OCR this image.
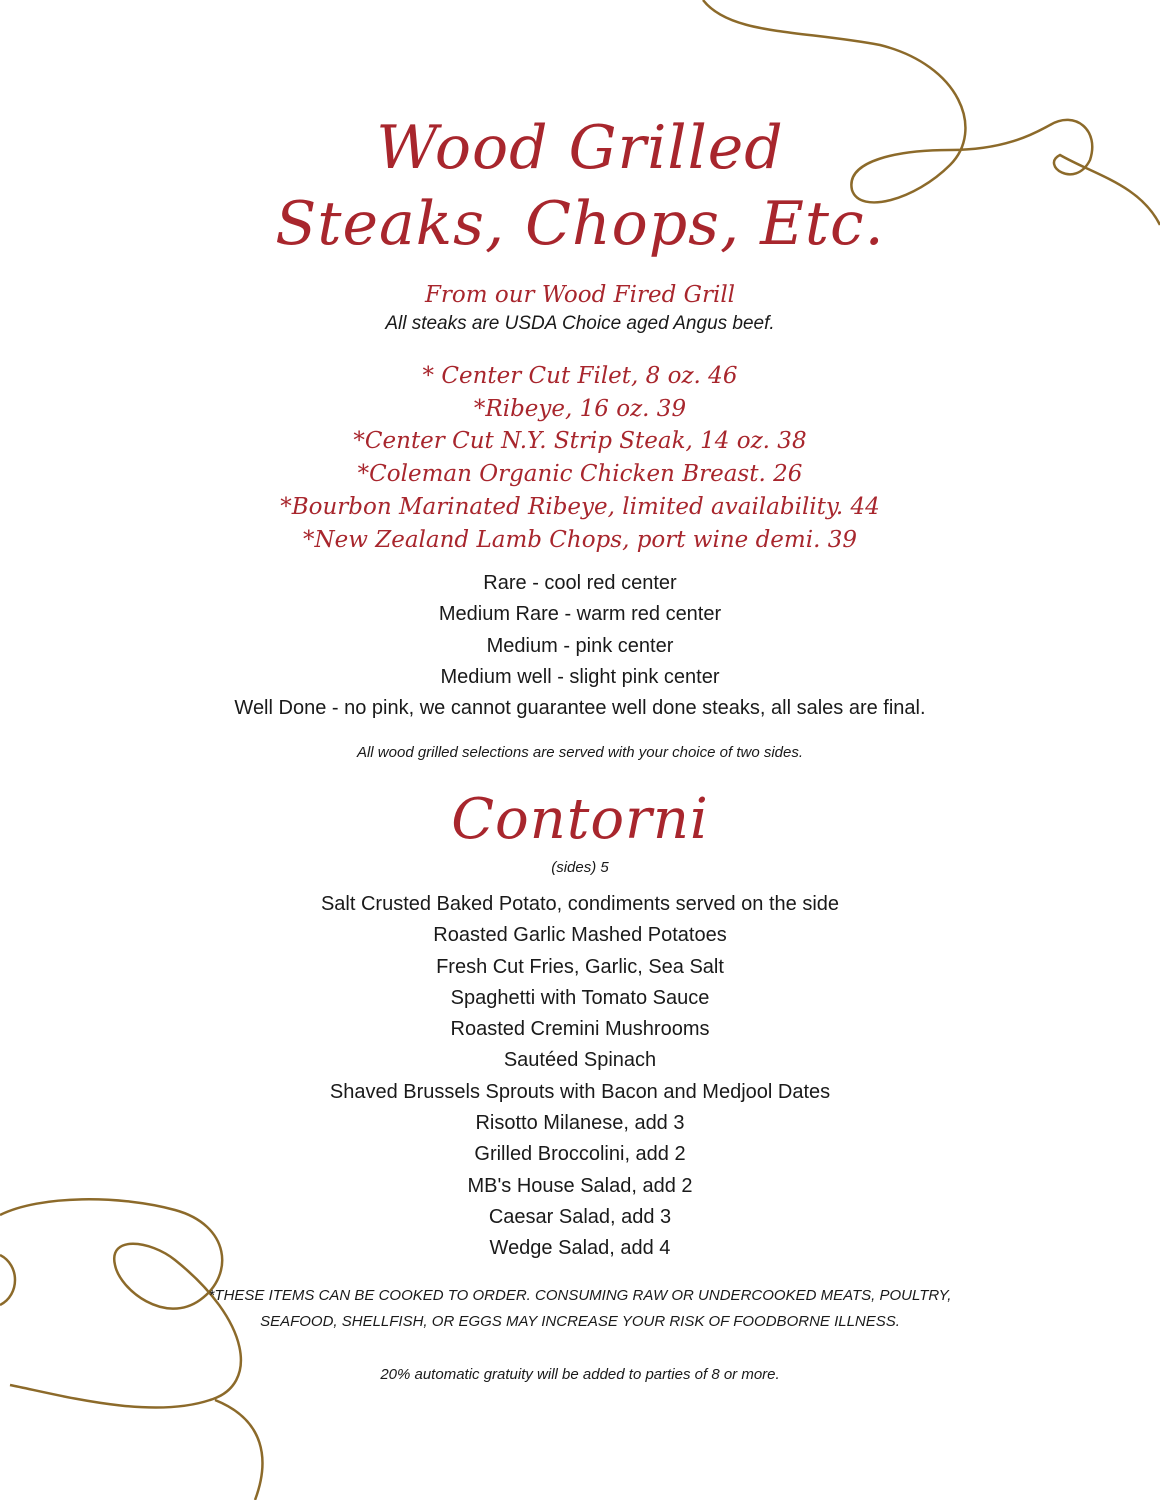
Wood Grilled
Steaks, Chops, Etc.
From our Wood Fired Grill
All steaks are USDA Choice aged Angus beef.
* Center Cut Filet, 8 oz. 46
*Ribeye, 16 oz. 39
*Center Cut N.Y. Strip Steak, 14 oz. 38
*Coleman Organic Chicken Breast. 26
*Bourbon Marinated Ribeye, limited availability. 44
*New Zealand Lamb Chops, port wine demi. 39
Rare - cool red center
Medium Rare - warm red center
Medium - pink center
Medium well - slight pink center
Well Done - no pink, we cannot guarantee well done steaks, all sales are final.
All wood grilled selections are served with your choice of two sides.
Contorni
(sides) 5
Salt Crusted Baked Potato, condiments served on the side
Roasted Garlic Mashed Potatoes
Fresh Cut Fries, Garlic, Sea Salt
Spaghetti with Tomato Sauce
Roasted Cremini Mushrooms
Sautéed Spinach
Shaved Brussels Sprouts with Bacon and Medjool Dates
Risotto Milanese, add 3
Grilled Broccolini, add 2
MB's House Salad, add 2
Caesar Salad, add 3
Wedge Salad, add 4
*THESE ITEMS CAN BE COOKED TO ORDER. CONSUMING RAW OR UNDERCOOKED MEATS, POULTRY, SEAFOOD, SHELLFISH, OR EGGS MAY INCREASE YOUR RISK OF FOODBORNE ILLNESS.
20% automatic gratuity will be added to parties of 8 or more.
